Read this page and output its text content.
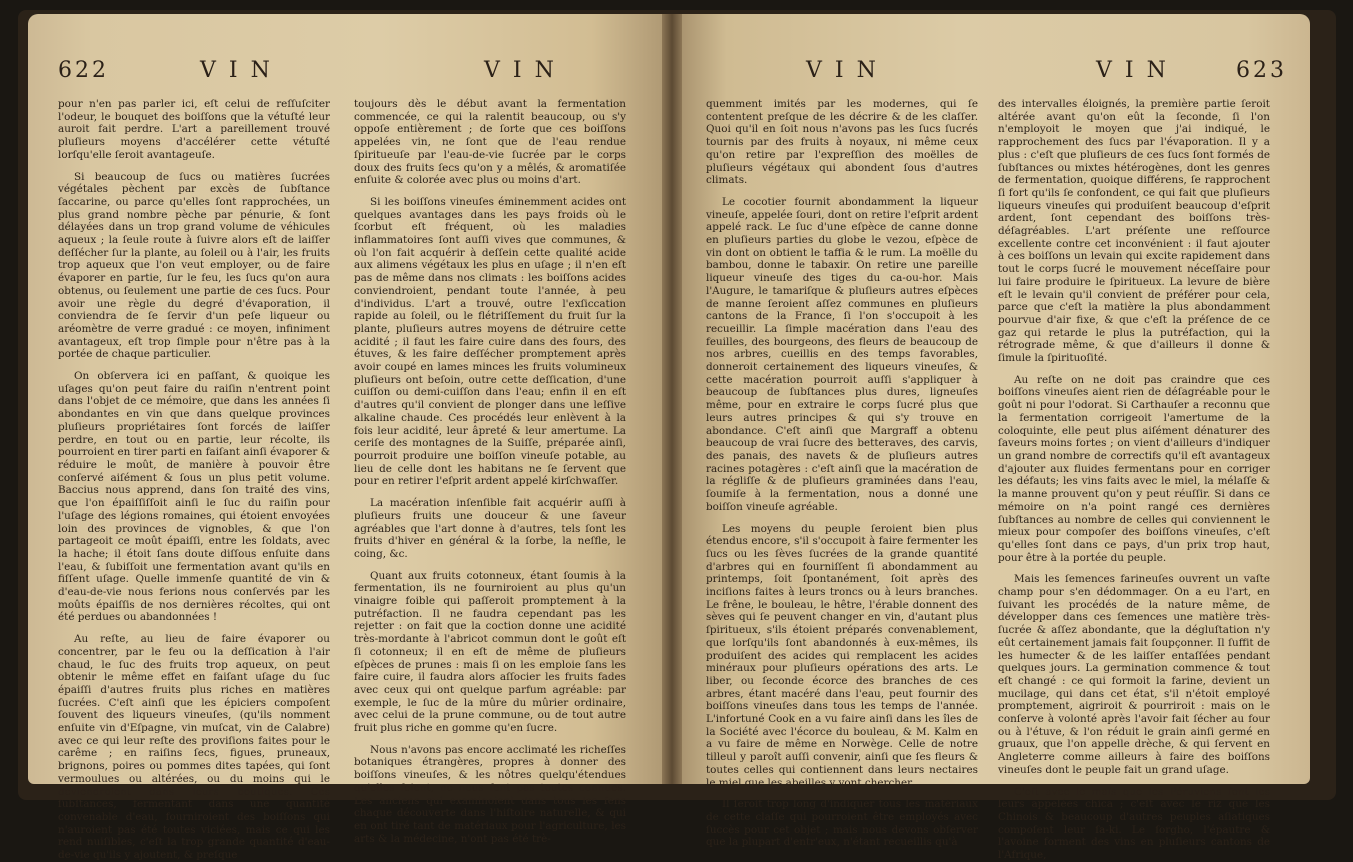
622	V I N	V I N

pour n'en pas parler ici, eſt celui de reſſuſciter l'odeur, le bouquet des boiſſons que la vétuſté leur auroit fait perdre. L'art a pareillement trouvé pluſieurs moyens d'accélérer cette vétuſté lorſqu'elle ſeroit avantageuſe.

Si beaucoup de ſucs ou matières ſucrées végétales pèchent par excès de ſubſtance ſaccarine, ou parce qu'elles ſont rapprochées, un plus grand nombre pèche par pénurie, & ſont délayées dans un trop grand volume de véhicules aqueux ; la ſeule route à ſuivre alors eſt de laiſſer deſſécher ſur la plante, au ſoleil ou à l'air, les fruits trop aqueux que l'on veut employer, ou de faire évaporer en partie, ſur le feu, les ſucs qu'on aura obtenus, ou ſeulement une partie de ces ſucs. Pour avoir une règle du degré d'évaporation, il conviendra de ſe ſervir d'un peſe liqueur ou aréomètre de verre gradué : ce moyen, infiniment avantageux, eſt trop ſimple pour n'être pas à la portée de chaque particulier.

On obſervera ici en paſſant, & quoique les uſages qu'on peut faire du raiſin n'entrent point dans l'objet de ce mémoire, que dans les années ſi abondantes en vin que dans quelque provinces pluſieurs propriétaires ſont forcés de laiſſer perdre, en tout ou en partie, leur récolte, ils pourroient en tirer parti en faiſant ainſi évaporer & réduire le moût, de manière à pouvoir être conſervé aiſément & ſous un plus petit volume. Baccius nous apprend, dans ſon traité des vins, que l'on épaiſſiſſoit ainſi le ſuc du raiſin pour l'uſage des légions romaines, qui étoient envoyées loin des provinces de vignobles, & que l'on partageoit ce moût épaiſſi, entre les ſoldats, avec la hache; il étoit ſans doute diſſous enſuite dans l'eau, & ſubiſſoit une fermentation avant qu'ils en fiſſent uſage. Quelle immenſe quantité de vin & d'eau-de-vie nous ferions nous conſervés par les moûts épaiſſis de nos dernières récoltes, qui ont été perdues ou abandonnées !

Au reſte, au lieu de faire évaporer ou concentrer, par le feu ou la deſſication à l'air chaud, le ſuc des fruits trop aqueux, on peut obtenir le même effet en faiſant uſage du ſuc épaiſſi d'autres fruits plus riches en matières ſucrées. C'eſt ainſi que les épiciers compoſent ſouvent des liqueurs vineuſes, (qu'ils nomment enſuite vin d'Eſpagne, vin muſcat, vin de Calabre) avec ce qui leur reſte des proviſions faites pour le carême ; en raiſins ſecs, figues, pruneaux, brignons, poires ou pommes dites tapées, qui ſont vermoulues ou altérées, ou du moins qui le deviendroient dans leurs boutiques. Ces ſubſtances, fermentant dans une quantité convenable d'eau, fourniroient des boiſſons qui n'auroient pas été toutes viciées, mais ce qui les rend nuiſibles, c'eſt la trop grande quantité d'eau-de-vie qu'ils y ajoutent, & preſque

toujours dès le début avant la fermentation commencée, ce qui la ralentit beaucoup, ou s'y oppoſe entièrement ; de ſorte que ces boiſſons appelées vin, ne ſont que de l'eau rendue ſpiritueuſe par l'eau-de-vie ſucrée par le corps doux des fruits ſecs qu'on y a mêlés, & aromatiſée enſuite & colorée avec plus ou moins d'art.

Si les boiſſons vineuſes éminemment acides ont quelques avantages dans les pays froids où le ſcorbut eſt fréquent, où les maladies inflammatoires ſont auſſi vives que communes, & où l'on fait acquérir à deſſein cette qualité acide aux alimens végétaux les plus en uſage ; il n'en eſt pas de même dans nos climats : les boiſſons acides conviendroient, pendant toute l'année, à peu d'individus. L'art a trouvé, outre l'exſiccation rapide au ſoleil, ou le flétriſſement du fruit ſur la plante, pluſieurs autres moyens de détruire cette acidité ; il faut les faire cuire dans des fours, des étuves, & les faire deſſécher promptement après avoir coupé en lames minces les fruits volumineux pluſieurs ont beſoin, outre cette deſſication, d'une cuiſſon ou demi-cuiſſon dans l'eau; enfin il en eſt d'autres qu'il convient de plonger dans une leſſive alkaline chaude. Ces procédés leur enlèvent à la fois leur acidité, leur âpreté & leur amertume. La ceriſe des montagnes de la Suiſſe, préparée ainſi, pourroit produire une boiſſon vineuſe potable, au lieu de celle dont les habitans ne ſe ſervent que pour en retirer l'eſprit ardent appelé kirſchwaſſer.

La macération inſenſible fait acquérir auſſi à pluſieurs fruits une douceur & une ſaveur agréables que l'art donne à d'autres, tels ſont les fruits d'hiver en général & la ſorbe, la neſfle, le coing, &c.

Quant aux fruits cotonneux, étant ſoumis à la fermentation, ils ne fourniroient au plus qu'un vinaigre foible qui paſſeroit promptement à la putréfaction. Il ne faudra cependant pas les rejetter : on fait que la coction donne une acidité très-mordante à l'abricot commun dont le goût eſt ſi cotonneux; il en eſt de même de pluſieurs eſpèces de prunes : mais ſi on les emploie ſans les faire cuire, il faudra alors aſſocier les fruits fades avec ceux qui ont quelque parfum agréable: par exemple, le ſuc de la mûre du mûrier ordinaire, avec celui de la prune commune, ou de tout autre fruit plus riche en gomme qu'en ſucre.

Nous n'avons pas encore acclimaté les richeſſes botaniques étrangères, propres à donner des boiſſons vineuſes, & les nôtres quelqu'étendues qu'elles ſoient, ne nous ſont pas toutes connues. Les anciens qui examinoient dans tous les ſens chaque découverte dans l'hiſtoire naturelle, & qui en ont tiré tant de matériaux pour l'agriculture, les arts & la médecine, n'ont pas été trè-

V I N	V I N	623

quemment imités par les modernes, qui ſe contentent preſque de les décrire & de les claſſer. Quoi qu'il en ſoit nous n'avons pas les ſucs ſucrés tournis par des fruits à noyaux, ni même ceux qu'on retire par l'expreſſion des moëlles de pluſieurs végétaux qui abondent ſous d'autres climats.

Le cocotier fournit abondamment la liqueur vineuſe, appelée ſouri, dont on retire l'eſprit ardent appelé rack. Le ſuc d'une eſpèce de canne donne en pluſieurs parties du globe le vezou, eſpèce de vin dont on obtient le taffia & le rum. La moëlle du bambou, donne le tabaxir. On retire une pareille liqueur vineuſe des tiges du ca-ou-hor. Mais l'Augure, le tamariſque & pluſieurs autres eſpèces de manne ſeroient aſſez communes en pluſieurs cantons de la France, ſi l'on s'occupoit à les recueillir. La ſimple macération dans l'eau des feuilles, des bourgeons, des fleurs de beaucoup de nos arbres, cueillis en des temps favorables, donneroit certainement des liqueurs vineuſes, & cette macération pourroit auſſi s'appliquer à beaucoup de ſubſtances plus dures, ligneuſes même, pour en extraire le corps ſucré plus que leurs autres principes & qui s'y trouve en abondance. C'eſt ainſi que Margraff a obtenu beaucoup de vrai ſucre des betteraves, des carvis, des panais, des navets & de pluſieurs autres racines potagères : c'eſt ainſi que la macération de la régliſſe & de pluſieurs graminées dans l'eau, ſoumiſe à la fermentation, nous a donné une boiſſon vineuſe agréable.

Les moyens du peuple ſeroient bien plus étendus encore, s'il s'occupoit à faire fermenter les ſucs ou les ſèves ſucrées de la grande quantité d'arbres qui en fourniſſent ſi abondamment au printemps, ſoit ſpontanément, ſoit après des inciſions faites à leurs troncs ou à leurs branches. Le frêne, le bouleau, le hêtre, l'érable donnent des sèves qui ſe peuvent changer en vin, d'autant plus ſpiritueux, s'ils étoient préparés convenablement, que lorſqu'ils ſont abandonnés à eux-mêmes, ils produiſent des acides qui remplacent les acides minéraux pour pluſieurs opérations des arts. Le liber, ou ſeconde écorce des branches de ces arbres, étant macéré dans l'eau, peut fournir des boiſſons vineuſes dans tous les temps de l'année. L'infortuné Cook en a vu faire ainſi dans les îles de la Société avec l'écorce du bouleau, & M. Kalm en a vu faire de même en Norwège. Celle de notre tilleul y paroît auſſi convenir, ainſi que ſes fleurs & toutes celles qui contiennent dans leurs nectaires le miel que les abeilles y vont chercher.

Il ſeroit trop long d'indiquer tous les matériaux de cette claſſe qui pourroient être employés avec ſuccès pour cet objet ; mais nous devons obſerver que la plupart d'entr'eux, n'étant recueillis qu'à

des intervalles éloignés, la première partie ſeroit altérée avant qu'on eût la ſeconde, ſi l'on n'employoit le moyen que j'ai indiqué, le rapprochement des ſucs par l'évaporation. Il y a plus : c'eſt que pluſieurs de ces ſucs ſont formés de ſubſtances ou mixtes hétérogènes, dont les genres de fermentation, quoique différens, ſe rapprochent ſi fort qu'ils ſe confondent, ce qui fait que pluſieurs liqueurs vineuſes qui produiſent beaucoup d'eſprit ardent, ſont cependant des boiſſons très-déſagréables. L'art préſente une reſſource excellente contre cet inconvénient : il faut ajouter à ces boiſſons un levain qui excite rapidement dans tout le corps ſucré le mouvement néceſſaire pour lui faire produire le ſpiritueux. La levure de bière eſt le levain qu'il convient de préférer pour cela, parce que c'eſt la matière la plus abondamment pourvue d'air fixe, & que c'eſt la préſence de ce gaz qui retarde le plus la putréfaction, qui la rétrograde même, & que d'ailleurs il donne & ſimule la ſpirituoſité.

Au reſte on ne doit pas craindre que ces boiſſons vineuſes aient rien de déſagréable pour le goût ni pour l'odorat. Si Carthauſer a reconnu que la fermentation corrigeoit l'amertume de la coloquinte, elle peut plus aiſément dénaturer des ſaveurs moins fortes ; on vient d'ailleurs d'indiquer un grand nombre de correctifs qu'il eſt avantageux d'ajouter aux fluides fermentans pour en corriger les défauts; les vins faits avec le miel, la mélaſſe & la manne prouvent qu'on y peut réuſſir. Si dans ce mémoire on n'a point rangé ces dernières ſubſtances au nombre de celles qui conviennent le mieux pour compoſer des boiſſons vineuſes, c'eſt qu'elles ſont dans ce pays, d'un prix trop haut, pour être à la portée du peuple.

Mais les ſemences farineuſes ouvrent un vaſte champ pour s'en dédommager. On a eu l'art, en ſuivant les procédés de la nature même, de développer dans ces ſemences une matière très-ſucrée & aſſez abondante, que la dégluſtation n'y eût certainement jamais fait ſoupçonner. Il ſuffit de les humecter & de les laiſſer entaſſées pendant quelques jours. La germination commence & tout eſt changé : ce qui formoit la farine, devient un mucilage, qui dans cet état, s'il n'étoit employé promptement, aigriroit & pourriroit : mais on le conſerve à volonté après l'avoir fait ſécher au four ou à l'étuve, & l'on réduit le grain ainſi germé en gruaux, que l'on appelle drèche, & qui ſervent en Angleterre comme ailleurs à faire des boiſſons vineuſes dont le peuple fait un grand uſage.

C'eſt avec le maïs que les Péruviens font les leurs appelées chica ; c'eſt avec le riz que les Chinois & beaucoup d'autres peuples aſiatiques compoſent leur ſa-ki. Le ſorgho, l'épautre & l'avoine forment des vins en pluſieurs cantons de l'Afrique,
